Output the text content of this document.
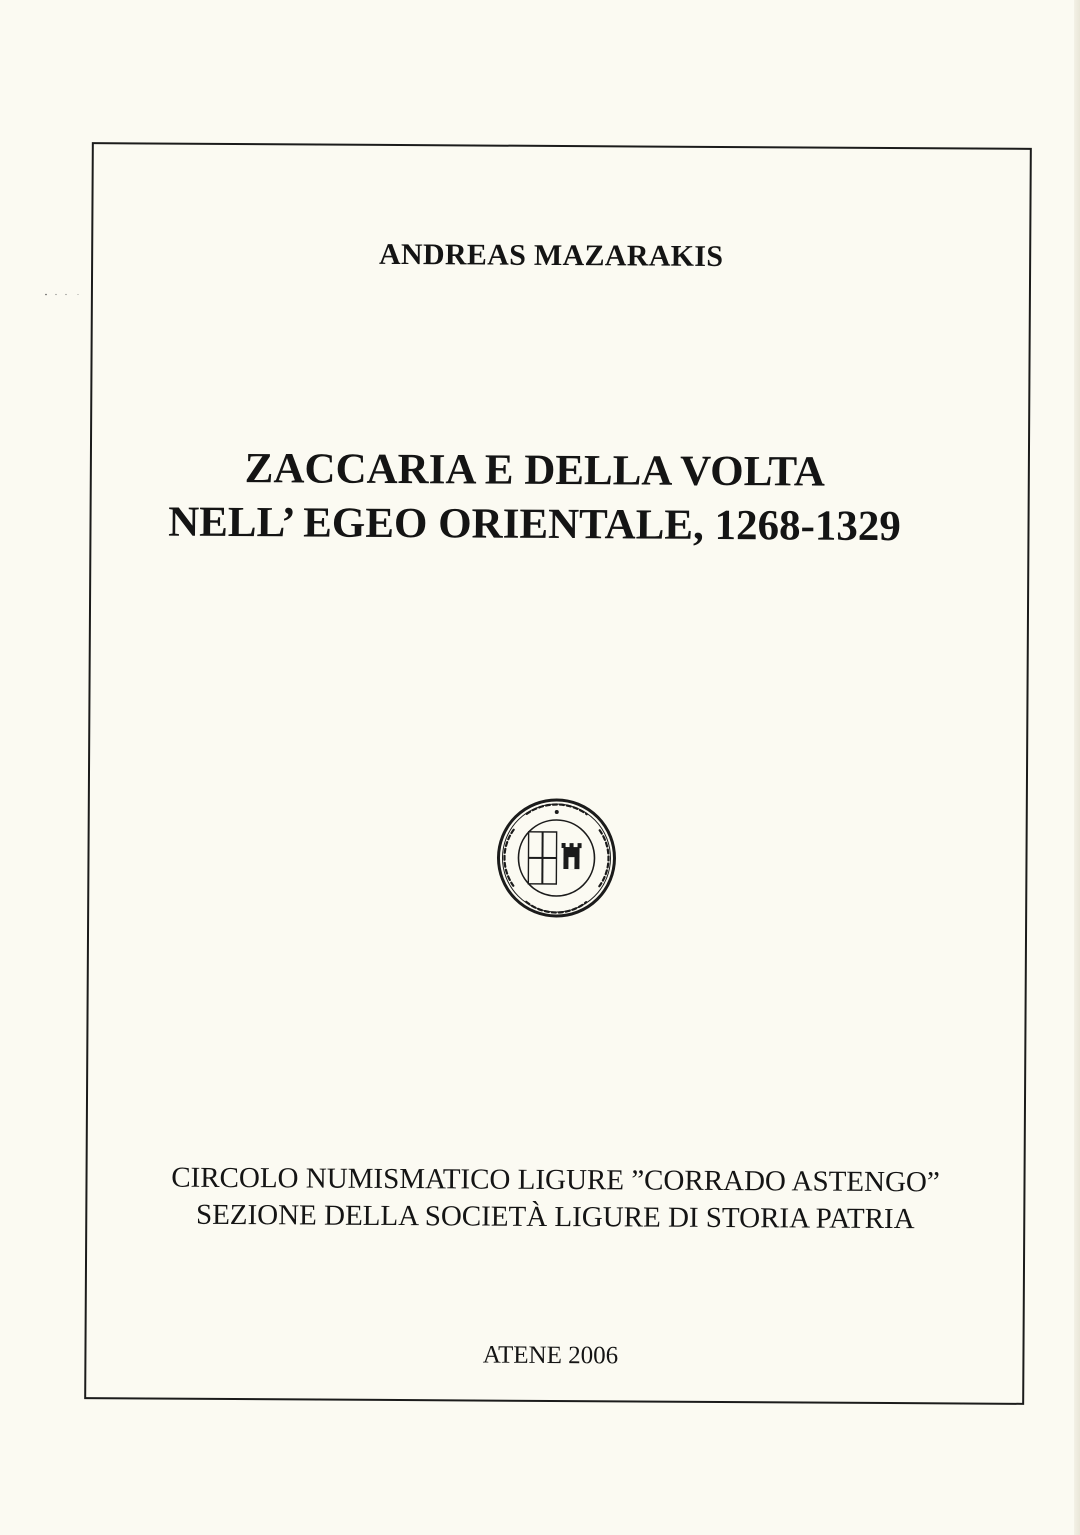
ANDREAS MAZARAKIS
ZACCARIA E DELLA VOLTA
NELL’ EGEO ORIENTALE, 1268-1329
CIRCOLO NUMISMATICO LIGURE ”CORRADO ASTENGO”
SEZIONE DELLA SOCIETÀ LIGURE DI STORIA PATRIA
ATENE 2006
